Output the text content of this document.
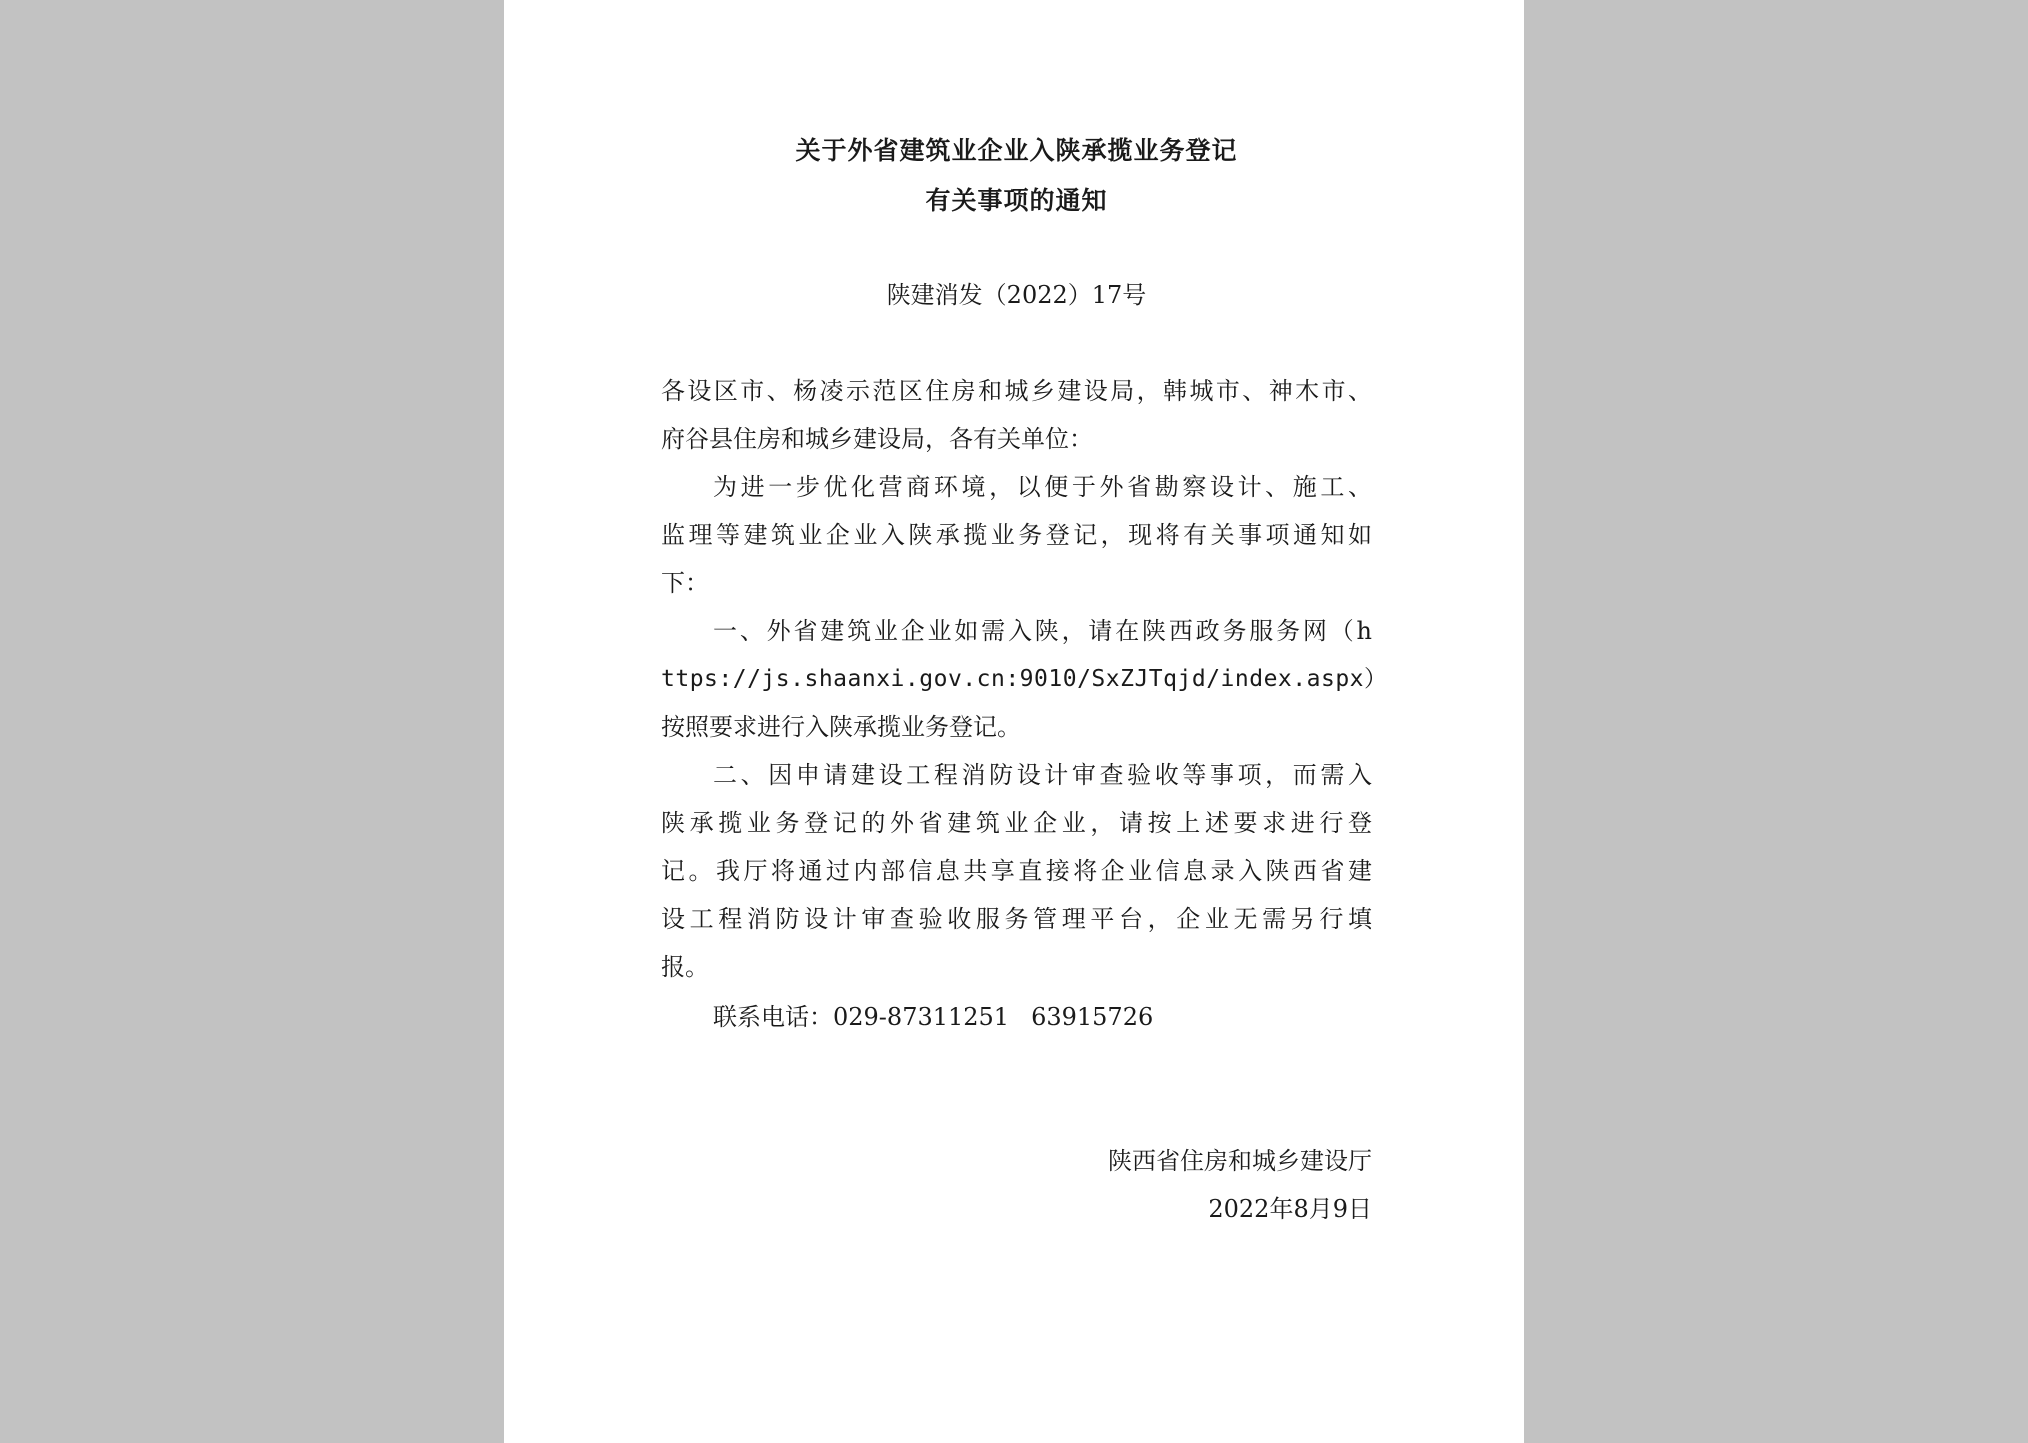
关于外省建筑业企业入陕承揽业务登记
有关事项的通知
陕建消发（2022）17号
各设区市、杨凌示范区住房和城乡建设局，韩城市、神木市、
府谷县住房和城乡建设局，各有关单位：
为进一步优化营商环境，以便于外省勘察设计、施工、
监理等建筑业企业入陕承揽业务登记，现将有关事项通知如
下：
一、外省建筑业企业如需入陕，请在陕西政务服务网（h
ttps://js.shaanxi.gov.cn:9010/SxZJTqjd/index.aspx）
按照要求进行入陕承揽业务登记。
二、因申请建设工程消防设计审查验收等事项，而需入
陕承揽业务登记的外省建筑业企业，请按上述要求进行登
记。我厅将通过内部信息共享直接将企业信息录入陕西省建
设工程消防设计审查验收服务管理平台，企业无需另行填
报。
联系电话：029-87311251 63915726
陕西省住房和城乡建设厅
2022年8月9日
